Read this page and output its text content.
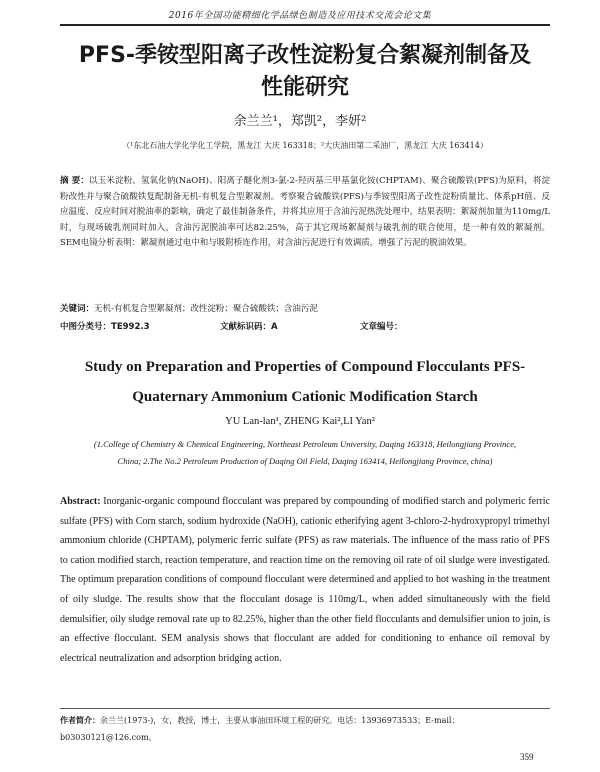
2016年全国功能精细化学品绿色制造及应用技术交流会论文集
PFS-季铵型阳离子改性淀粉复合絮凝剂制备及
性能研究
余兰兰¹，郑凯²，李妍²
（¹东北石油大学化学化工学院，黑龙江 大庆 163318；²大庆油田第二采油厂，黑龙江 大庆 163414）
摘 要：以玉米淀粉、氢氧化钠(NaOH)、阳离子醚化剂3-氯-2-羟丙基三甲基氯化铵(CHPTAM)、聚合硫酸铁(PFS)为原料，将淀粉改性并与聚合硫酸铁复配制备无机-有机复合型絮凝剂。考察聚合硫酸铁(PFS)与季铵型阳离子改性淀粉质量比、体系pH值、反应温度、反应时间对脱油率的影响，确定了最佳制备条件，并将其应用于含油污泥热洗处理中。结果表明：絮凝剂加量为110mg/L时，与现场破乳剂同时加入，含油污泥脱油率可达82.25%，高于其它现场絮凝剂与破乳剂的联合使用，是一种有效的絮凝剂。SEM电镜分析表明：絮凝剂通过电中和与吸附桥连作用，对含油污泥进行有效调质，增强了污泥的脱油效果。
关键词：无机-有机复合型絮凝剂；改性淀粉；聚合硫酸铁；含油污泥
中图分类号：TE992.3	文献标识码：A	文章编号：
Study on Preparation and Properties of Compound Flocculants PFS-
Quaternary Ammonium Cationic Modification Starch
YU Lan-lan¹, ZHENG Kai²,LI Yan²
(1.College of Chemistry & Chemical Engineering, Northeast Petroleum University, Daqing 163318, Heilongjiang Province,
China; 2.The No.2 Petroleum Production of Daqing Oil Field, Daqing 163414, Heilongjiang Province, china)
Abstract: Inorganic-organic compound flocculant was prepared by compounding of modified starch and polymeric ferric sulfate (PFS) with Corn starch, sodium hydroxide (NaOH), cationic etherifying agent 3-chloro-2-hydroxypropyl trimethyl ammonium chloride (CHPTAM), polymeric ferric sulfate (PFS) as raw materials. The influence of the mass ratio of PFS to cation modified starch, reaction temperature, and reaction time on the removing oil rate of oil sludge were investigated. The optimum preparation conditions of compound flocculant were determined and applied to hot washing in the treatment of oily sludge. The results show that the flocculant dosage is 110mg/L, when added simultaneously with the field demulsifier, oily sludge removal rate up to 82.25%, higher than the other field flocculants and demulsifier union to join, is an effective flocculant. SEM analysis shows that flocculant are added for conditioning to enhance oil removal by electrical neutralization and adsorption bridging action.
作者简介：余兰兰(1973-)，女，教授，博士，主要从事油田环境工程的研究。电话：13936973533；E-mail：
b03030121@126.com。
359
